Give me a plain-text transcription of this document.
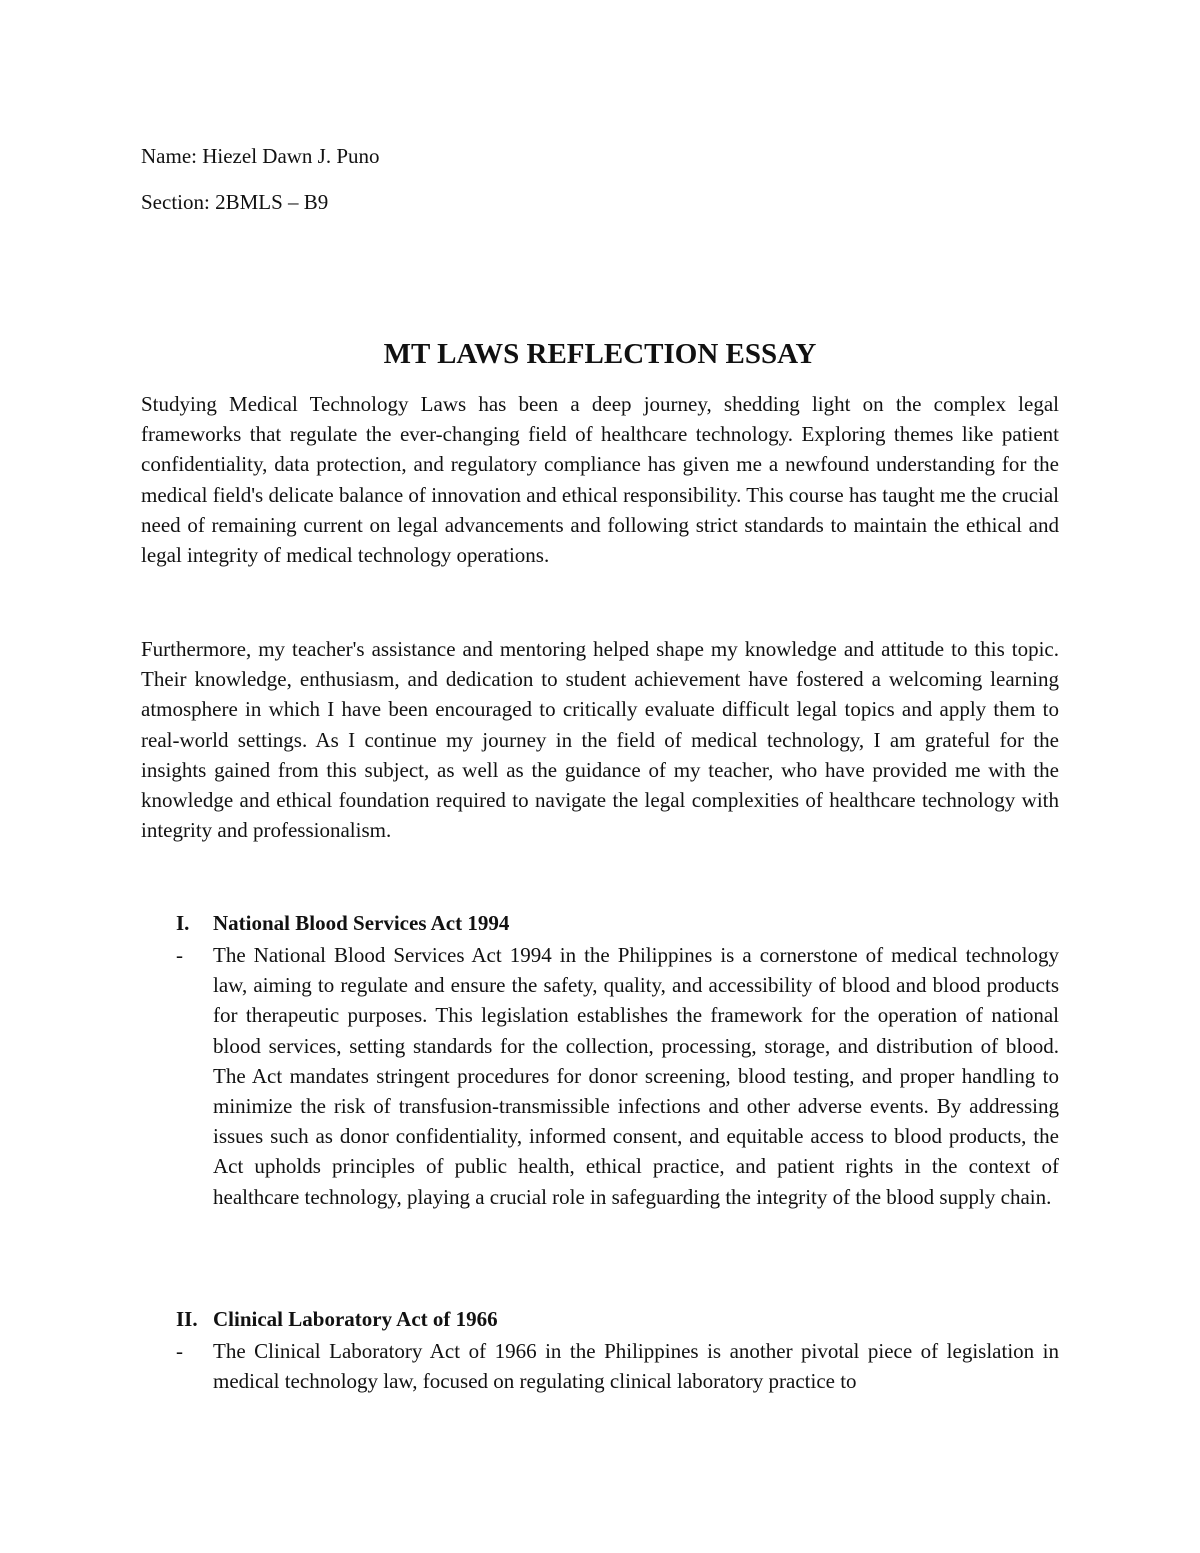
Name: Hiezel Dawn J. Puno
Section: 2BMLS – B9
MT LAWS REFLECTION ESSAY

Studying Medical Technology Laws has been a deep journey, shedding light on the complex legal frameworks that regulate the ever-changing field of healthcare technology. Exploring themes like patient confidentiality, data protection, and regulatory compliance has given me a newfound understanding for the medical field's delicate balance of innovation and ethical responsibility. This course has taught me the crucial need of remaining current on legal advancements and following strict standards to maintain the ethical and legal integrity of medical technology operations.

Furthermore, my teacher's assistance and mentoring helped shape my knowledge and attitude to this topic. Their knowledge, enthusiasm, and dedication to student achievement have fostered a welcoming learning atmosphere in which I have been encouraged to critically evaluate difficult legal topics and apply them to real-world settings. As I continue my journey in the field of medical technology, I am grateful for the insights gained from this subject, as well as the guidance of my teacher, who have provided me with the knowledge and ethical foundation required to navigate the legal complexities of healthcare technology with integrity and professionalism.

I. National Blood Services Act 1994
- The National Blood Services Act 1994 in the Philippines is a cornerstone of medical technology law, aiming to regulate and ensure the safety, quality, and accessibility of blood and blood products for therapeutic purposes. This legislation establishes the framework for the operation of national blood services, setting standards for the collection, processing, storage, and distribution of blood. The Act mandates stringent procedures for donor screening, blood testing, and proper handling to minimize the risk of transfusion-transmissible infections and other adverse events. By addressing issues such as donor confidentiality, informed consent, and equitable access to blood products, the Act upholds principles of public health, ethical practice, and patient rights in the context of healthcare technology, playing a crucial role in safeguarding the integrity of the blood supply chain.

II. Clinical Laboratory Act of 1966
- The Clinical Laboratory Act of 1966 in the Philippines is another pivotal piece of legislation in medical technology law, focused on regulating clinical laboratory practice to
